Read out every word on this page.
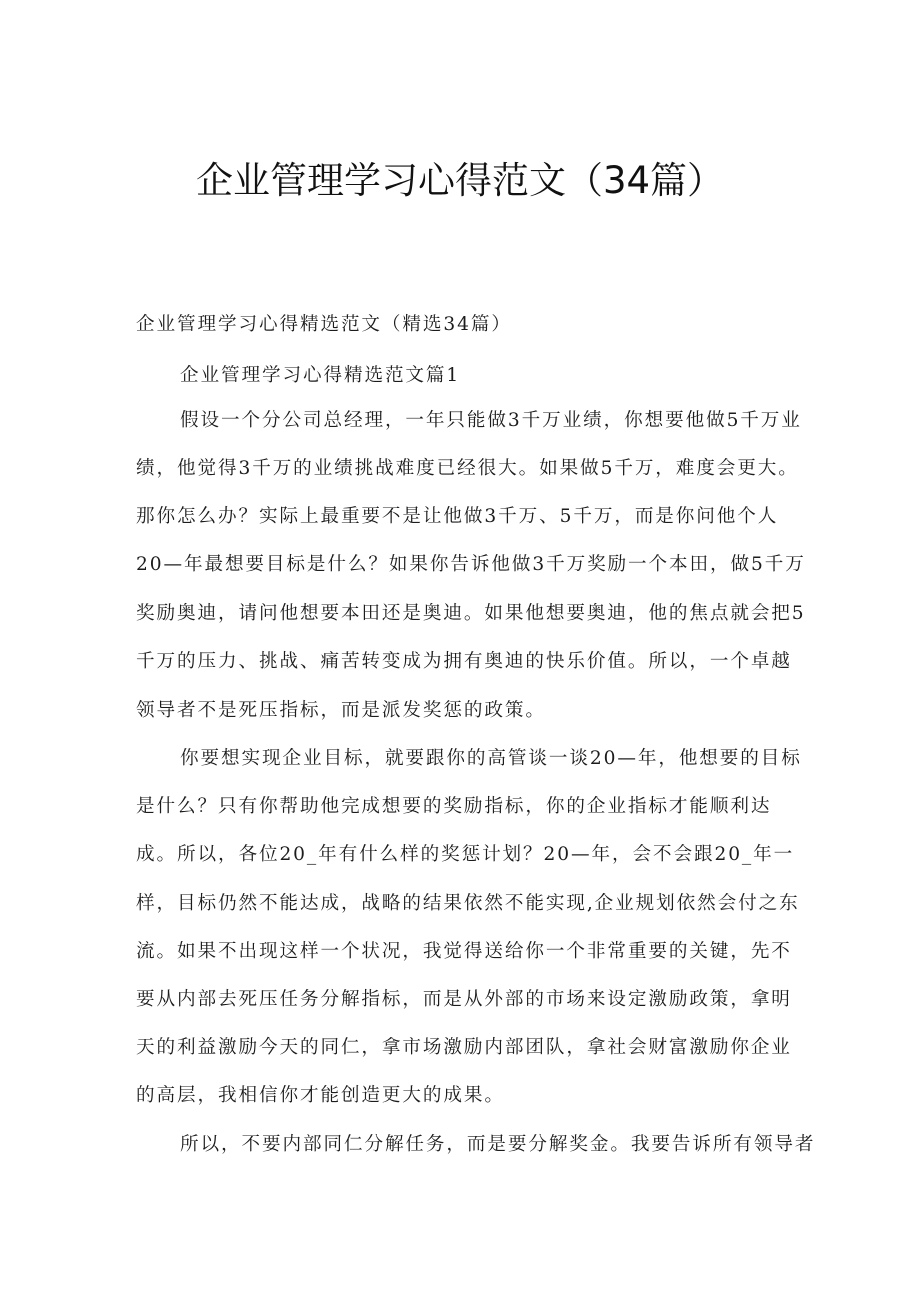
企业管理学习心得范文（34篇）
企业管理学习心得精选范文（精选34篇）
企业管理学习心得精选范文篇1
假设一个分公司总经理，一年只能做3千万业绩，你想要他做5千万业
绩，他觉得3千万的业绩挑战难度已经很大。如果做5千万，难度会更大。
那你怎么办？实际上最重要不是让他做3千万、5千万，而是你问他个人
20—年最想要目标是什么？如果你告诉他做3千万奖励一个本田，做5千万
奖励奥迪，请问他想要本田还是奥迪。如果他想要奥迪，他的焦点就会把5
千万的压力、挑战、痛苦转变成为拥有奥迪的快乐价值。所以，一个卓越
领导者不是死压指标，而是派发奖惩的政策。
你要想实现企业目标，就要跟你的高管谈一谈20—年，他想要的目标
是什么？只有你帮助他完成想要的奖励指标，你的企业指标才能顺利达
成。所以，各位20_年有什么样的奖惩计划？20—年，会不会跟20_年一
样，目标仍然不能达成，战略的结果依然不能实现,企业规划依然会付之东
流。如果不出现这样一个状况，我觉得送给你一个非常重要的关键，先不
要从内部去死压任务分解指标，而是从外部的市场来设定激励政策，拿明
天的利益激励今天的同仁，拿市场激励内部团队，拿社会财富激励你企业
的高层，我相信你才能创造更大的成果。
所以，不要内部同仁分解任务，而是要分解奖金。我要告诉所有领导者
